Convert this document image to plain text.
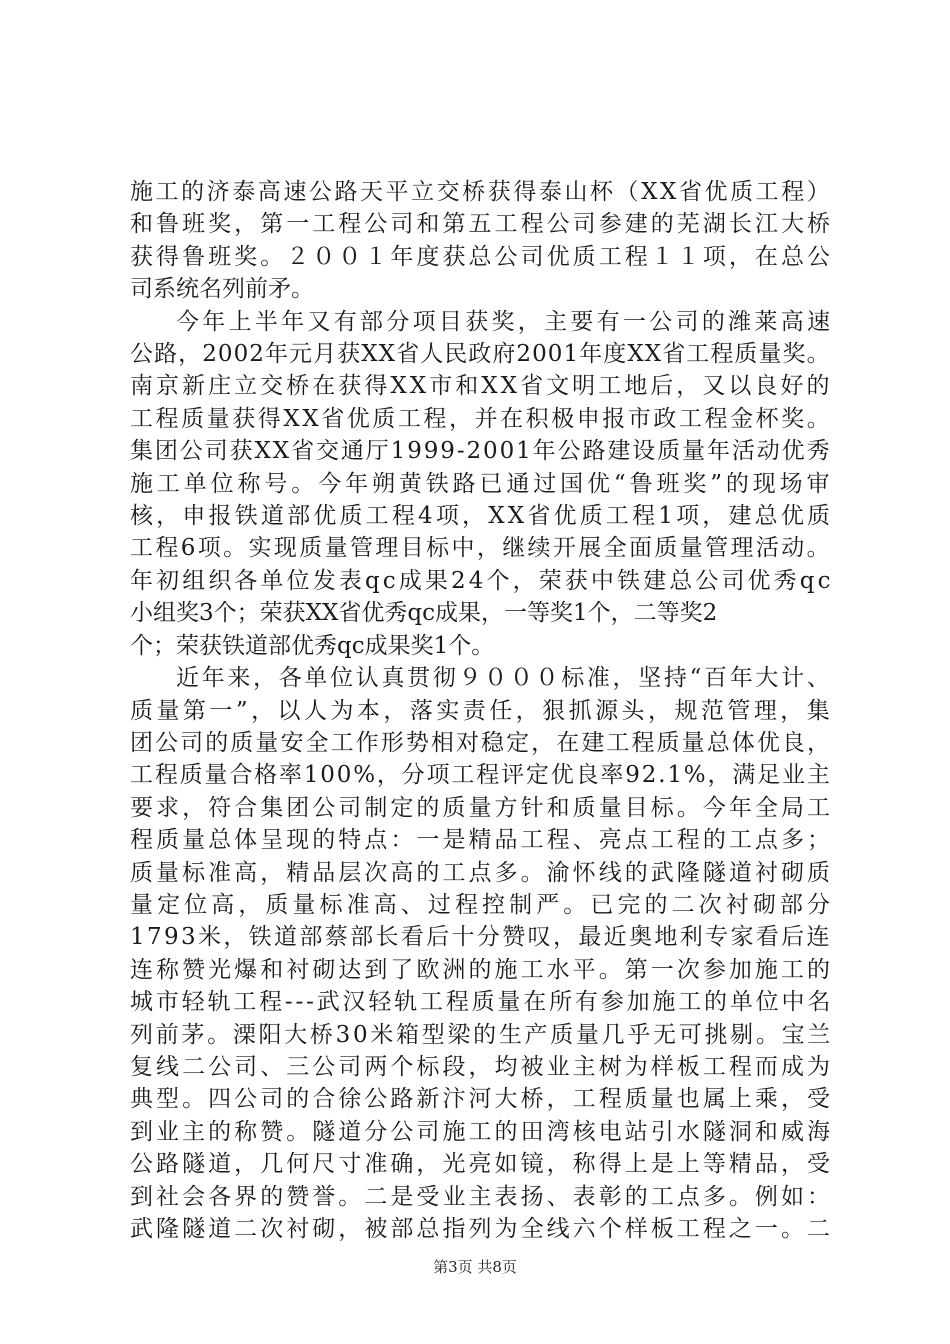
施工的济泰高速公路天平立交桥获得泰山杯（XX省优质工程）
和鲁班奖，第一工程公司和第五工程公司参建的芜湖长江大桥
获得鲁班奖。２００１年度获总公司优质工程１１项，在总公
司系统名列前矛。
今年上半年又有部分项目获奖，主要有一公司的潍莱高速
公路，2002年元月获XX省人民政府2001年度XX省工程质量奖。
南京新庄立交桥在获得XX市和XX省文明工地后，又以良好的
工程质量获得XX省优质工程，并在积极申报市政工程金杯奖。
集团公司获XX省交通厅1999-2001年公路建设质量年活动优秀
施工单位称号。今年朔黄铁路已通过国优“鲁班奖”的现场审
核，申报铁道部优质工程4项，XX省优质工程1项，建总优质
工程6项。实现质量管理目标中，继续开展全面质量管理活动。
年初组织各单位发表qc成果24个，荣获中铁建总公司优秀qc
小组奖3个；荣获XX省优秀qc成果，一等奖1个，二等奖2
个；荣获铁道部优秀qc成果奖1个。
近年来，各单位认真贯彻９０００标准，坚持“百年大计、
质量第一”，以人为本，落实责任，狠抓源头，规范管理，集
团公司的质量安全工作形势相对稳定，在建工程质量总体优良，
工程质量合格率100%，分项工程评定优良率92.1%，满足业主
要求，符合集团公司制定的质量方针和质量目标。今年全局工
程质量总体呈现的特点：一是精品工程、亮点工程的工点多；
质量标准高，精品层次高的工点多。渝怀线的武隆隧道衬砌质
量定位高，质量标准高、过程控制严。已完的二次衬砌部分
1793米，铁道部蔡部长看后十分赞叹，最近奥地利专家看后连
连称赞光爆和衬砌达到了欧洲的施工水平。第一次参加施工的
城市轻轨工程---武汉轻轨工程质量在所有参加施工的单位中名
列前茅。溧阳大桥30米箱型梁的生产质量几乎无可挑剔。宝兰
复线二公司、三公司两个标段，均被业主树为样板工程而成为
典型。四公司的合徐公路新汴河大桥，工程质量也属上乘，受
到业主的称赞。隧道分公司施工的田湾核电站引水隧洞和威海
公路隧道，几何尺寸准确，光亮如镜，称得上是上等精品，受
到社会各界的赞誉。二是受业主表扬、表彰的工点多。例如：
武隆隧道二次衬砌，被部总指列为全线六个样板工程之一。二
第3页 共8页
